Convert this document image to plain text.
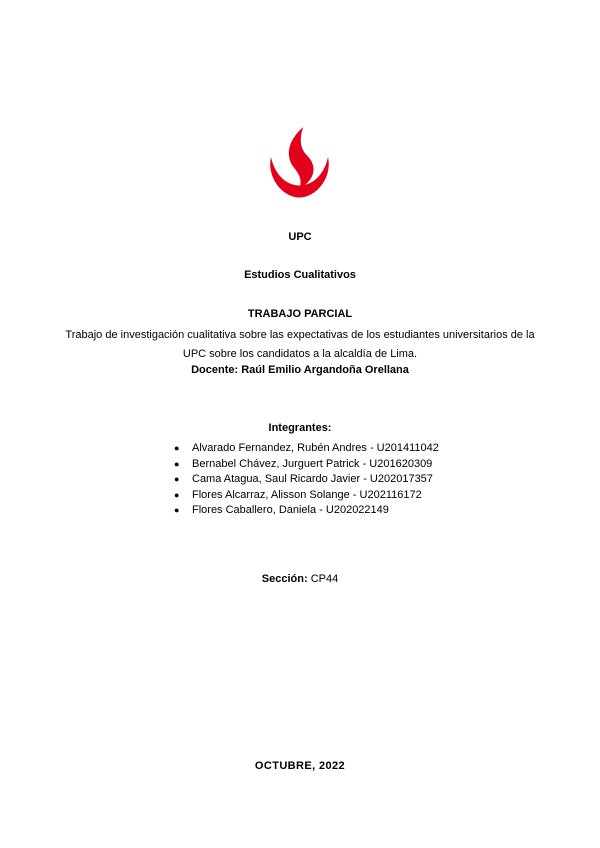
UPC
Estudios Cualitativos
TRABAJO PARCIAL
Trabajo de investigación cualitativa sobre las expectativas de los estudiantes universitarios de la UPC sobre los candidatos a la alcaldía de Lima.
Docente: Raúl Emilio Argandoña Orellana
Integrantes:
● Alvarado Fernandez, Rubén Andres - U201411042
● Bernabel Chávez, Jurguert Patrick - U201620309
● Cama Atagua, Saul Ricardo Javier - U202017357
● Flores Alcarraz, Alisson Solange - U202116172
● Flores Caballero, Daniela - U202022149
Sección: CP44
OCTUBRE, 2022
